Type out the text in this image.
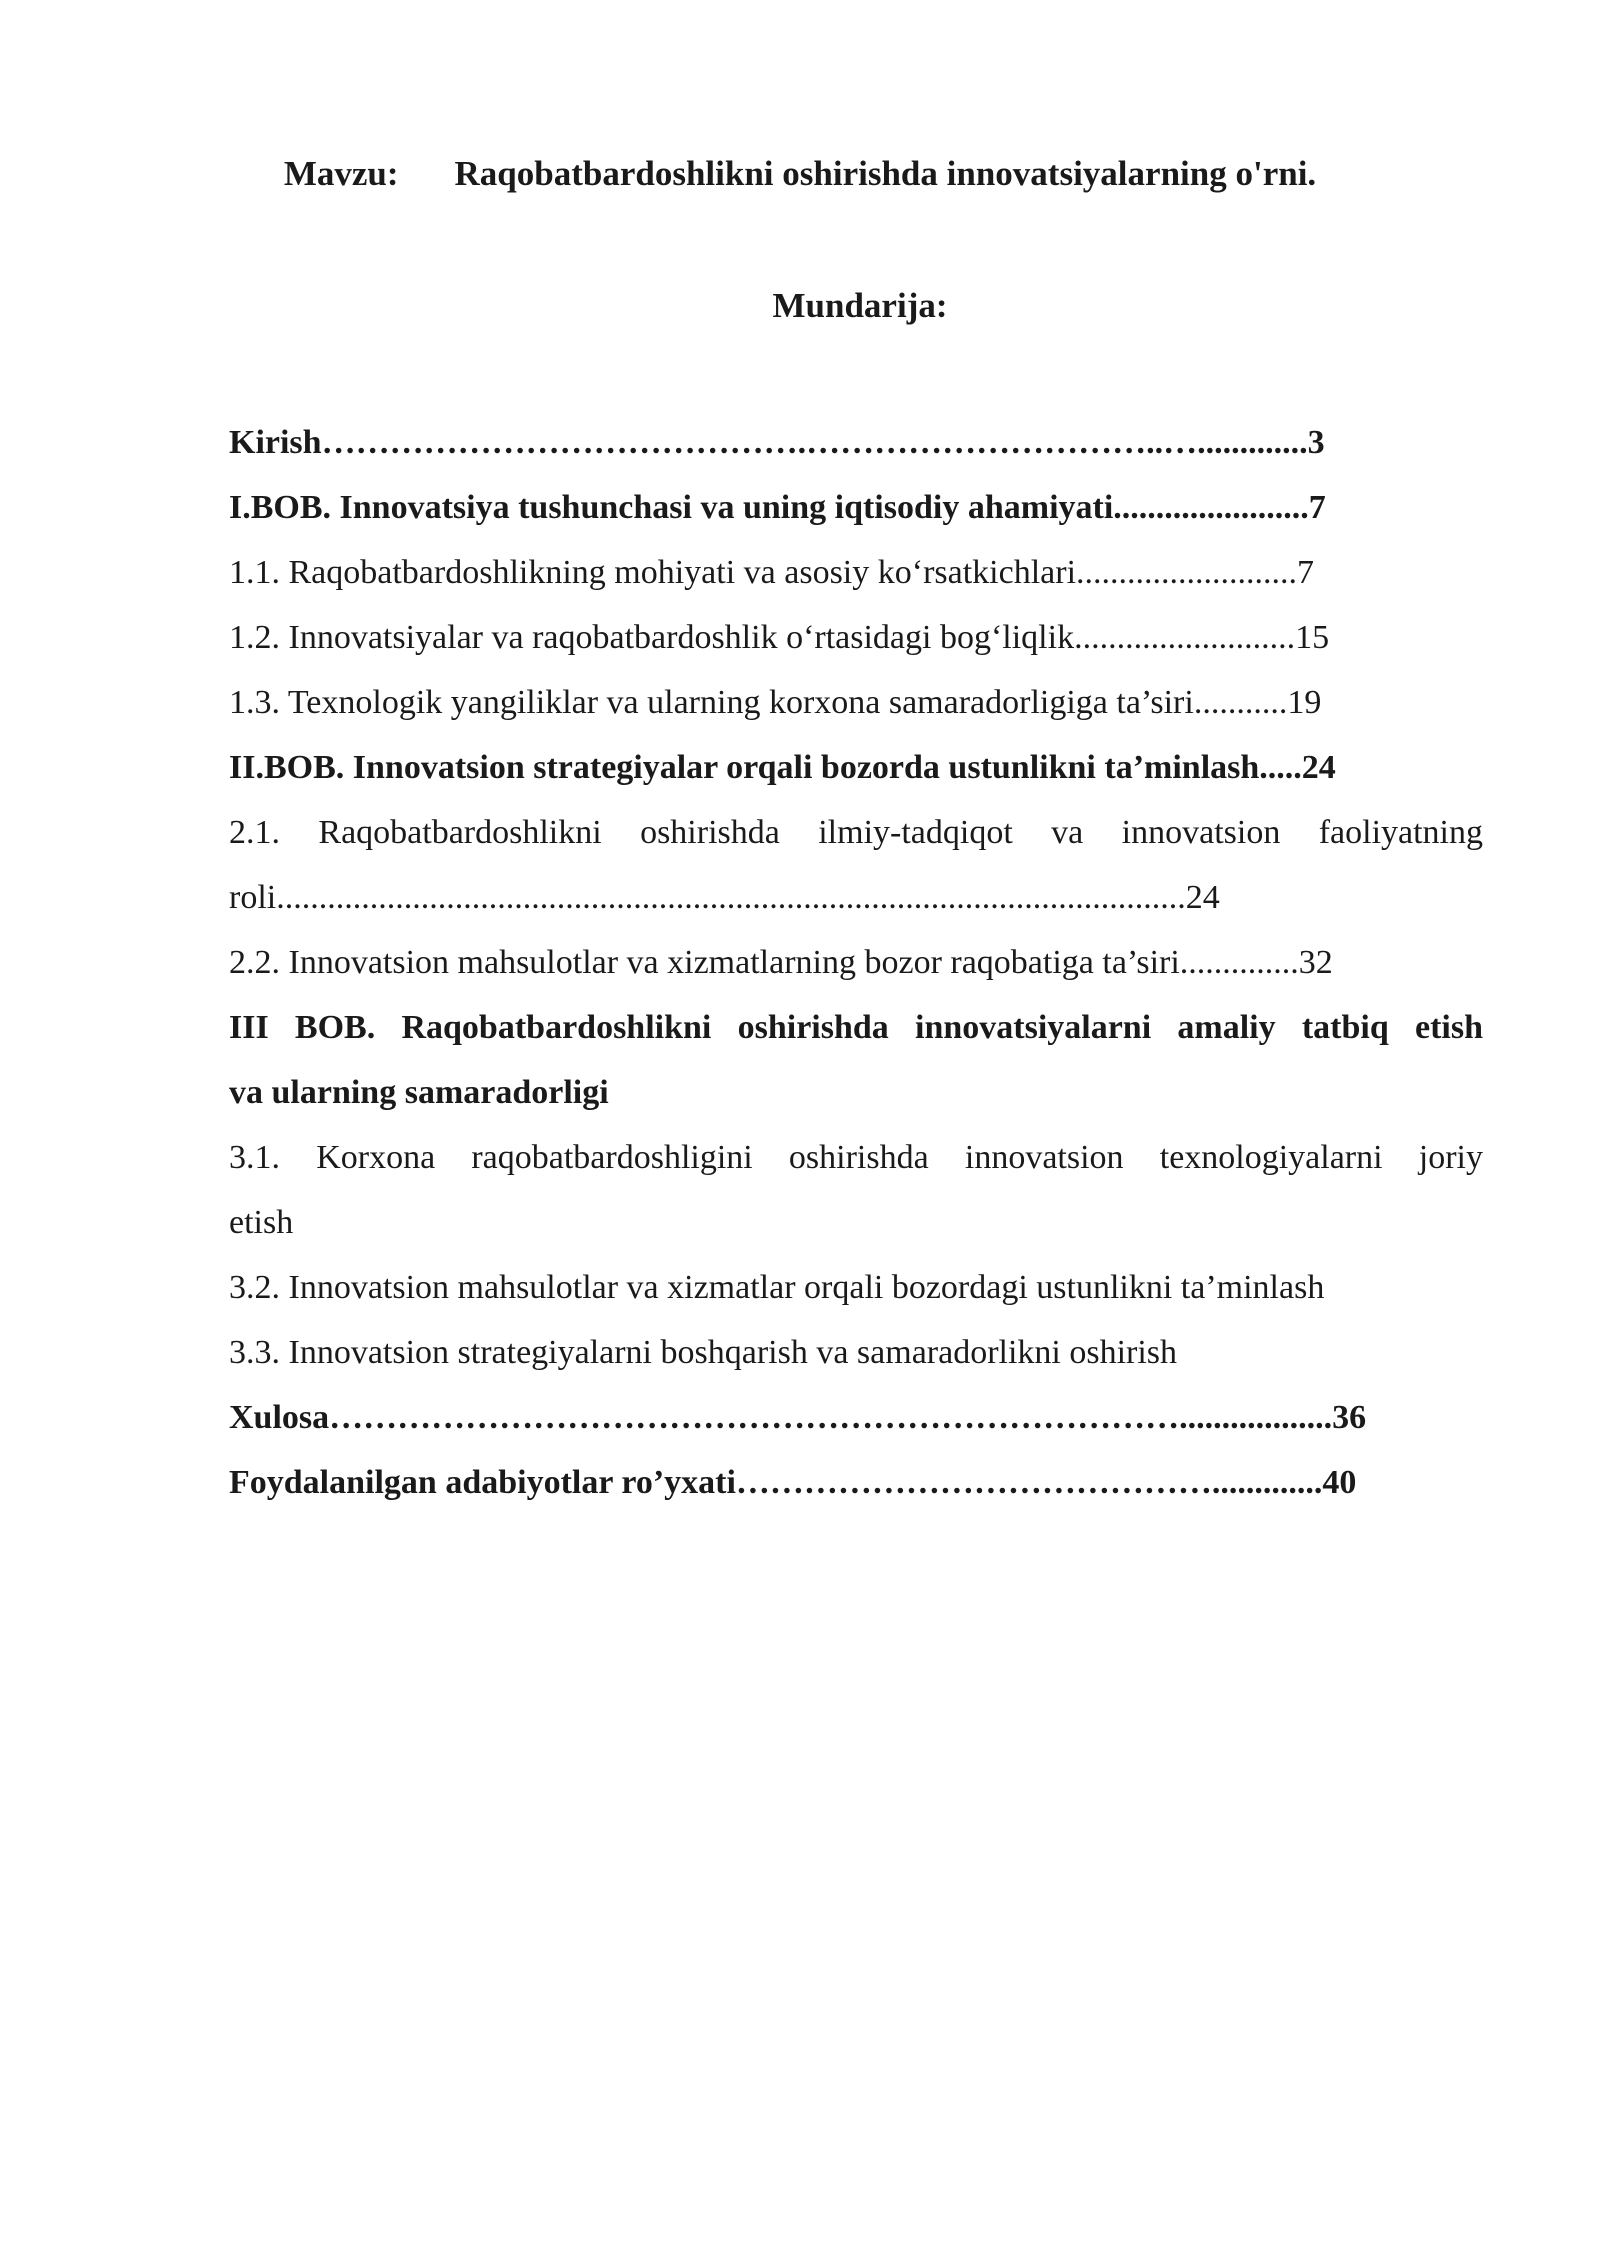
Mavzu: Raqobatbardoshlikni oshirishda innovatsiyalarning o'rni.
Mundarija:
Kirish…………………………………….…………………………..….............3
I.BOB. Innovatsiya tushunchasi va uning iqtisodiy ahamiyati.......................7
1.1. Raqobatbardoshlikning mohiyati va asosiy koʻrsatkichlari..........................7
1.2. Innovatsiyalar va raqobatbardoshlik oʻrtasidagi bogʻliqlik..........................15
1.3. Texnologik yangiliklar va ularning korxona samaradorligiga ta’siri...........19
II.BOB. Innovatsion strategiyalar orqali bozorda ustunlikni ta’minlash.....24
2.1. Raqobatbardoshlikni oshirishda ilmiy-tadqiqot va innovatsion faoliyatning
roli...........................................................................................................24
2.2. Innovatsion mahsulotlar va xizmatlarning bozor raqobatiga ta’siri..............32
III BOB. Raqobatbardoshlikni oshirishda innovatsiyalarni amaliy tatbiq etish
va ularning samaradorligi
3.1. Korxona raqobatbardoshligini oshirishda innovatsion texnologiyalarni joriy
etish
3.2. Innovatsion mahsulotlar va xizmatlar orqali bozordagi ustunlikni ta’minlash
3.3. Innovatsion strategiyalarni boshqarish va samaradorlikni oshirish
Xulosa…………………………………………………………………..................36
Foydalanilgan adabiyotlar ro’yxati…………………………………….............40
